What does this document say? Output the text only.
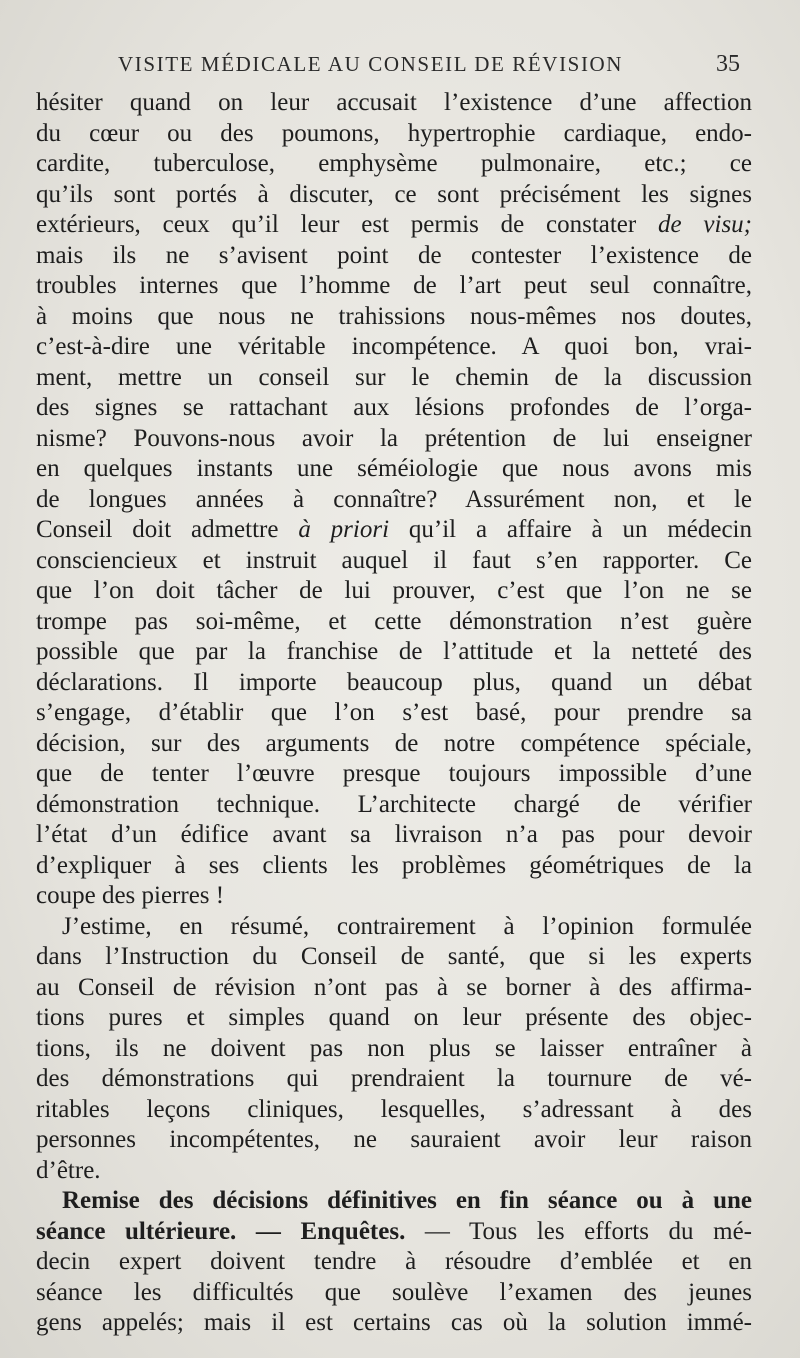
VISITE MÉDICALE AU CONSEIL DE RÉVISION	35
hésiter quand on leur accusait l’existence d’une affection
du cœur ou des poumons, hypertrophie cardiaque, endo-
cardite, tuberculose, emphysème pulmonaire, etc.; ce
qu’ils sont portés à discuter, ce sont précisément les signes
extérieurs, ceux qu’il leur est permis de constater de visu;
mais ils ne s’avisent point de contester l’existence de
troubles internes que l’homme de l’art peut seul connaître,
à moins que nous ne trahissions nous-mêmes nos doutes,
c’est-à-dire une véritable incompétence. A quoi bon, vrai-
ment, mettre un conseil sur le chemin de la discussion
des signes se rattachant aux lésions profondes de l’orga-
nisme? Pouvons-nous avoir la prétention de lui enseigner
en quelques instants une séméiologie que nous avons mis
de longues années à connaître? Assurément non, et le
Conseil doit admettre à priori qu’il a affaire à un médecin
consciencieux et instruit auquel il faut s’en rapporter. Ce
que l’on doit tâcher de lui prouver, c’est que l’on ne se
trompe pas soi-même, et cette démonstration n’est guère
possible que par la franchise de l’attitude et la netteté des
déclarations. Il importe beaucoup plus, quand un débat
s’engage, d’établir que l’on s’est basé, pour prendre sa
décision, sur des arguments de notre compétence spéciale,
que de tenter l’œuvre presque toujours impossible d’une
démonstration technique. L’architecte chargé de vérifier
l’état d’un édifice avant sa livraison n’a pas pour devoir
d’expliquer à ses clients les problèmes géométriques de la
coupe des pierres !
J’estime, en résumé, contrairement à l’opinion formulée
dans l’Instruction du Conseil de santé, que si les experts
au Conseil de révision n’ont pas à se borner à des affirma-
tions pures et simples quand on leur présente des objec-
tions, ils ne doivent pas non plus se laisser entraîner à
des démonstrations qui prendraient la tournure de vé-
ritables leçons cliniques, lesquelles, s’adressant à des
personnes incompétentes, ne sauraient avoir leur raison
d’être.
Remise des décisions définitives en fin séance ou à une
séance ultérieure. — Enquêtes. — Tous les efforts du mé-
decin expert doivent tendre à résoudre d’emblée et en
séance les difficultés que soulève l’examen des jeunes
gens appelés; mais il est certains cas où la solution immé-
